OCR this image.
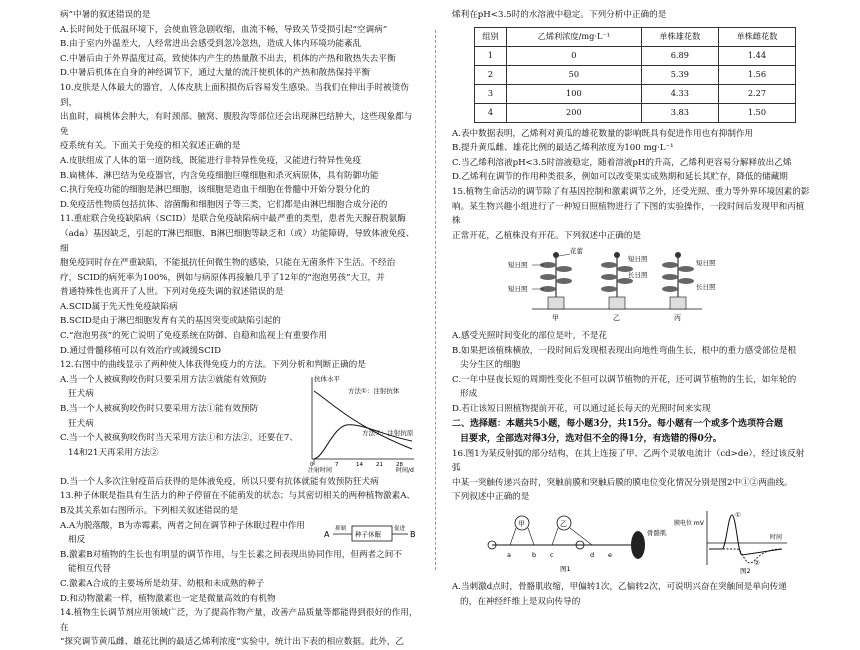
病”中暑的叙述错误的是

A.长时间处于低温环境下，会使血管急剧收缩，血流不畅，导致关节受损引起“空调病”

B.由于室内外温差大，人经常进出会感受到忽冷忽热，造成人体内环境功能紊乱

C.中暑后由于外界温度过高，致使体内产生的热量散不出去，机体的产热和散热失去平衡

D.中暑后机体在自身的神经调节下，通过大量的流汗使机体的产热和散热保持平衡

10.皮肤是人体最大的器官，人体皮肤上面积损伤后容易发生感染。当我们在伸出手时被烫伤到，

出血时，扁桃体会肿大，有时颈部、腋窝、腹股沟等部位还会出现淋巴结肿大，这些现象都与免

疫系统有关。下面关于免疫的相关叙述正确的是

A.皮肤组成了人体的第一道防线，既能进行非特异性免疫，又能进行特异性免疫

B.扁桃体、淋巴结为免疫器官，内含免疫细胞巨噬细胞和杀灭病原体，具有防御功能

C.执行免疫功能的细胞是淋巴细胞，该细胞是造血干细胞在骨髓中开始分裂分化的

D.免疫活性物质包括抗体、溶菌酶和细胞因子等三类，它们都是由淋巴细胞合成分泌的

11.重症联合免疫缺陷病（SCID）是联合免疫缺陷病中最严重的类型，患者先天腺苷脱氨酶

（ada）基因缺乏，引起的T淋巴细胞、B淋巴细胞等缺乏和（或）功能障碍，导致体液免疫、细

胞免疫同时存在严重缺陷，不能抵抗任何微生物的感染，只能在无菌条件下生活。不经治

疗，SCID的病死率为100%，例如与病原体再接触几乎了12年的“泡泡男孩”大卫，并

普通特殊性也离开了人世。下列对免疫失调的叙述错误的是

A.SCID属于先天性免疫缺陷病

B.SCID是由于淋巴细胞发育有关的基因突变或缺陷引起的

C.“泡泡男孩”的死亡说明了免疫系统在防御、自稳和监视上有重要作用

D.通过骨髓移植可以有效治疗或减缓SCID

12.右图中的曲线显示了两种使人体获得免疫力的方法。下列分析和判断正确的是

A.当一个人被疯狗咬伤时只要采用方法②就能有效预防

狂犬病

B.当一个人被疯狗咬伤时只要采用方法①能有效预防

狂犬病

C.当一个人被疯狗咬伤时当天采用方法①和方法②，还要在7、

14和21天再采用方法②

抗体水平
方法①：注射抗体
方法②：注射抗原
注射时间
0	7	14 21 28
时间/d

D.当一个人多次注射疫苗后获得的是体液免疫，所以只要有抗体就能有效预防狂犬病

13.种子休眠是指具有生活力的种子停留在不能萌发的状态；与其密切相关的两种植物激素A、

B及其关系如右图所示。下列相关叙述错误的是

A.A为脱落酸，B为赤霉素，两者之间在调节种子休眠过程中作用

相反

A
抑制
种子休眠
促进
B

B.激素B对植物的生长也有明显的调节作用，与生长素之间表现出协同作用，但两者之间不

能相互代替

C.激素A合成的主要场所是幼芽、幼根和未成熟的种子

D.和动物激素一样，植物激素也一定是微量高效的有机物

14.植物生长调节剂应用领域广泛，为了提高作物产量，改善产品质量等都能得到很好的作用，在

“探究调节黄瓜雌、雄花比例的最适乙烯利浓度”实验中，统计出下表的相应数据。此外，乙

烯利在pH<3.5时的水溶液中稳定。下列分析中正确的是

组别	乙烯利浓度/mg·L⁻¹	单株雄花数	单株雌花数
1	0	6.89	1.44
2	50	5.39	1.56
3	100	4.33	2.27
4	200	3.83	1.50

A.表中数据表明，乙烯利对黄瓜的雄花数量的影响既具有促进作用也有抑制作用

B.提升黄瓜雌、雄花比例的最适乙烯利浓度为100 mg·L⁻¹

C.当乙烯利溶液pH<3.5时溶液稳定，随着溶液pH的升高，乙烯利更容易分解释放出乙烯

D.乙烯利在调节的作用种类很多，例如可以改变果实成熟期和延长其贮存，降低的储藏期

15.植物生命活动的调节除了有基因控制和激素调节之外，还受光照、重力等外界环境因素的影

响。某生物兴趣小组进行了一种短日照植物进行了下图的实验操作，一段时间后发现甲和丙植株

正常开花，乙植株没有开花。下列叙述中正确的是

花蕾
短日照
短日照
长日照
短日照	短日照
长日照
甲	乙	丙

A.感受光照时间变化的部位是叶，不是花

B.如果把该植株横放，一段时间后发现根表现出向地性弯曲生长，根中的重力感受部位是根

尖分生区的细胞

C.一年中昼夜长短的周期性变化不但可以调节植物的开花，还可调节植物的生长，如年轮的

形成

D.若让该短日照植物提前开花，可以通过延长每天的光照时间来实现

二、选择题：本题共5小题，每小题3分，共15分。每小题有一个或多个选项符合题

目要求，全部选对得3分，选对但不全的得1分，有选错的得0分。

16.图1为某反射弧的部分结构，在其上连接了甲、乙两个灵敏电流计（cd>de），经过该反射弧

中某一突触传递兴奋时，突触前膜和突触后膜的膜电位变化情况分别是图2中①②两曲线。

下列叙述中正确的是

骨骼肌
甲	乙
a	b c	d e
图1
膜电位 mV
时间
①
②
图2

A.当刺激d点时，骨骼肌收缩，甲偏转1次，乙偏转2次，可说明兴奋在突触间是单向传递

的，在神经纤维上是双向传导的
